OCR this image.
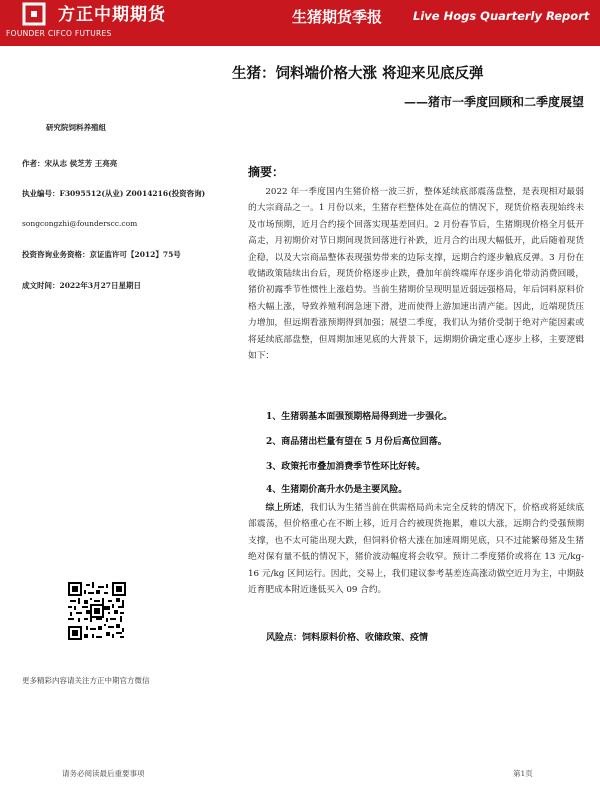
方正中期期货
FOUNDER CIFCO FUTURES
生猪期货季报	Live Hogs Quarterly Report
生猪：饲料端价格大涨 将迎来见底反弹
——猪市一季度回顾和二季度展望
研究院饲料养殖组
作者：宋从志 侯芝芳 王亮亮
执业编号：F3095512(从业) Z0014216(投资咨询)
songcongzhi@founderscc.com
投资咨询业务资格：京证监许可【2012】75号
成文时间：2022年3月27日星期日
更多精彩内容请关注方正中期官方微信
摘要：

2022 年一季度国内生猪价格一波三折，整体延续底部震荡盘整，是表现相对最弱的大宗商品之一。1 月份以来，生猪存栏整体处在高位的情况下，现货价格表现始终未及市场预期，近月合约接个回落实现基差回归。2 月份春节后，生猪期现价格全月低开高走，月初期价对节日期间现货回落进行补跌，近月合约出现大幅低开，此后随着现货企稳，以及大宗商品整体表现强势带来的边际支撑，远期合约逐步触底反弹。3 月份在收储政策陆续出台后，现货价格逐步止跌，叠加年前终端库存逐步消化带动消费回暖，猪价初露季节性惯性上涨趋势。当前生猪期价呈现明显近弱远强格局，年后饲料原料价格大幅上涨，导致养殖利润急速下滑，进而使得上游加速出清产能。因此，近端现货压力增加，但远期看涨预期得到加强；展望二季度，我们认为猪价受制于绝对产能因素或将延续底部盘整，但周期加速见底的大背景下，远期期价确定重心逐步上移，主要逻辑如下：

1、生猪弱基本面强预期格局得到进一步强化。
2、商品猪出栏量有望在 5 月份后高位回落。
3、政策托市叠加消费季节性环比好转。
4、生猪期价高升水仍是主要风险。

综上所述，我们认为生猪当前在供需格局尚未完全反转的情况下，价格或将延续底部震荡，但价格重心在不断上移，近月合约被现货拖累，难以大涨，远期合约受强预期支撑，也不太可能出现大跌，但饲料价格大涨在加速周期见底，只不过能繁母猪及生猪绝对保有量不低的情况下，猪价波动幅度将会收窄。预计二季度猪价或将在 13 元/kg-16 元/kg 区间运行。因此，交易上，我们建议参考基差连高涨动做空近月为主，中期鼓近育肥成本附近逢低买入 09 合约。

风险点：饲料原料价格、收储政策、疫情
请务必阅读最后重要事项	第1页
